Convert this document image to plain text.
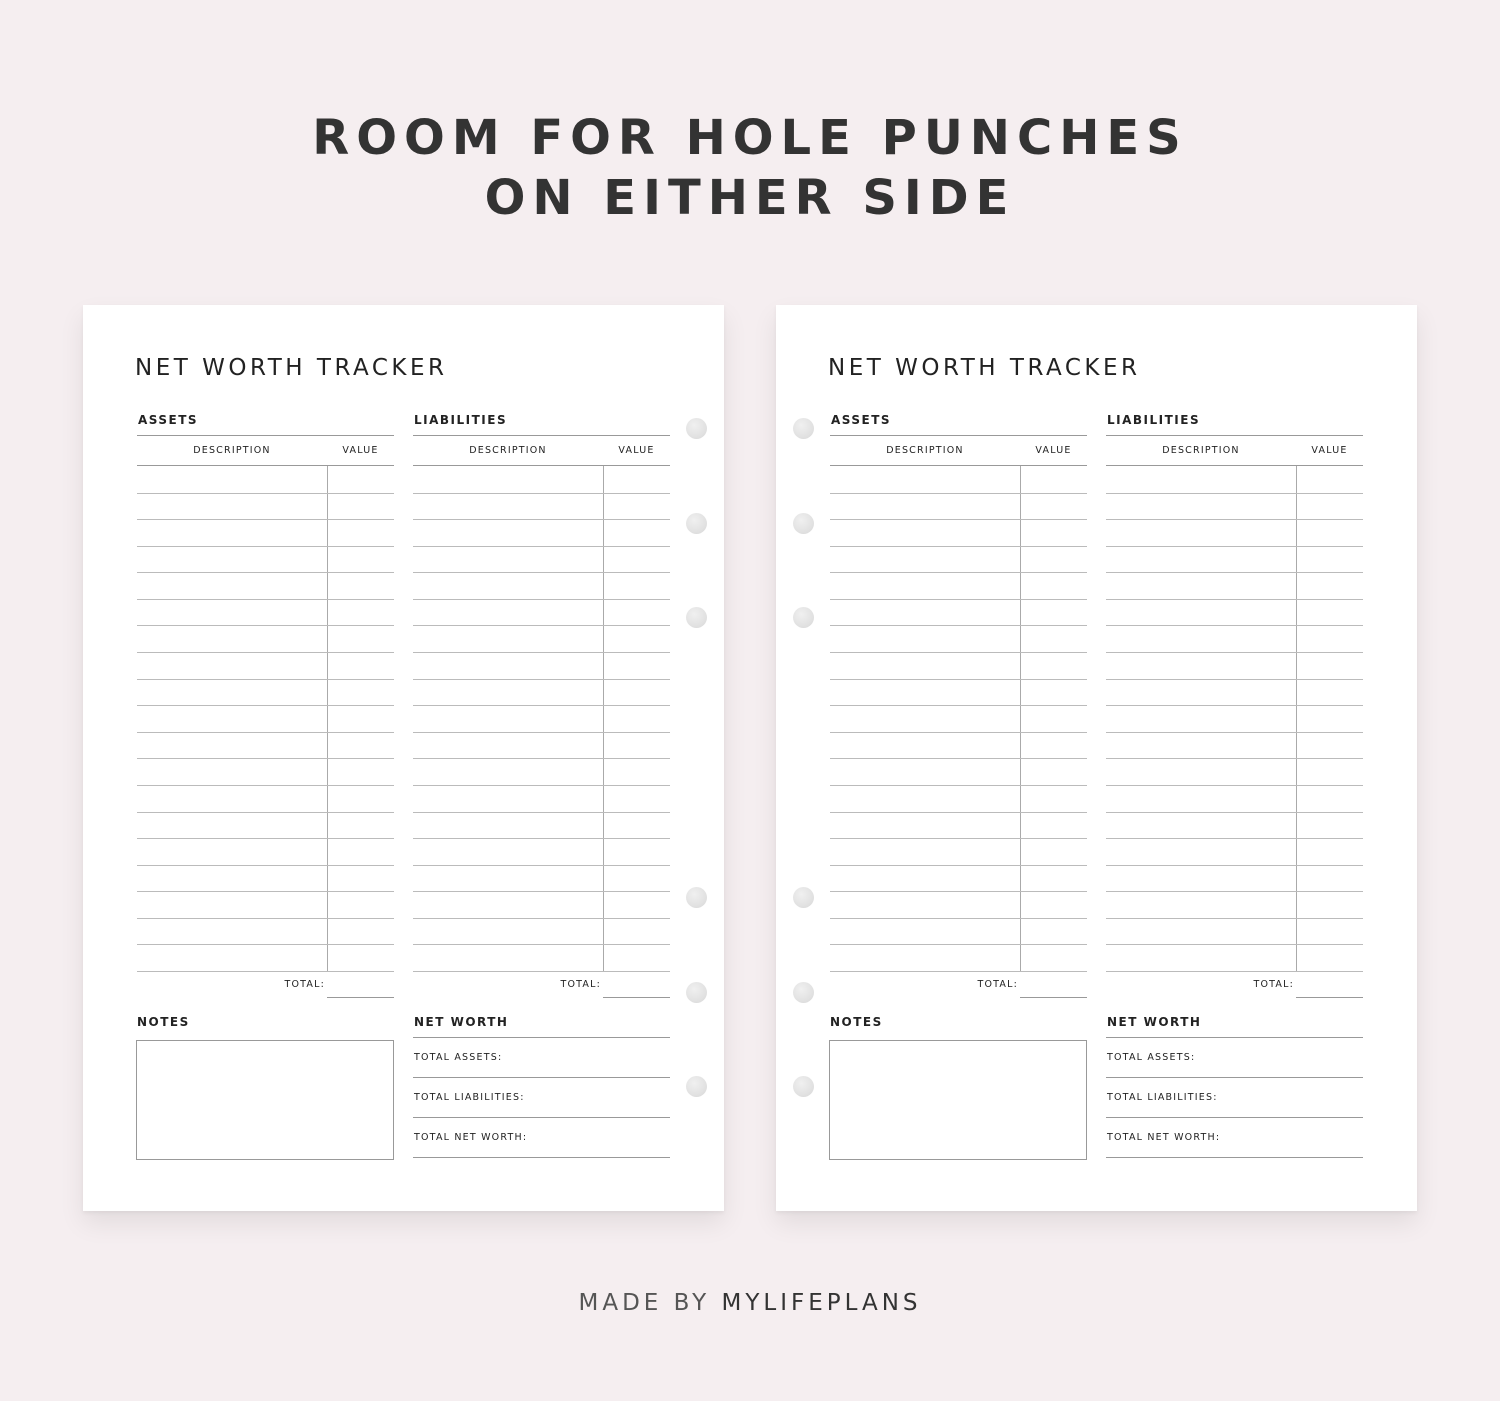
ROOM FOR HOLE PUNCHES
ON EITHER SIDE
NET WORTH TRACKER
ASSETS
DESCRIPTION	VALUE
TOTAL:
LIABILITIES
DESCRIPTION	VALUE
TOTAL:
NOTES	NET WORTH
TOTAL ASSETS:
TOTAL LIABILITIES:
TOTAL NET WORTH:
NET WORTH TRACKER
ASSETS
DESCRIPTION	VALUE
TOTAL:
LIABILITIES
DESCRIPTION	VALUE
TOTAL:
NOTES	NET WORTH
TOTAL ASSETS:
TOTAL LIABILITIES:
TOTAL NET WORTH:
MADE BY MYLIFEPLANS
